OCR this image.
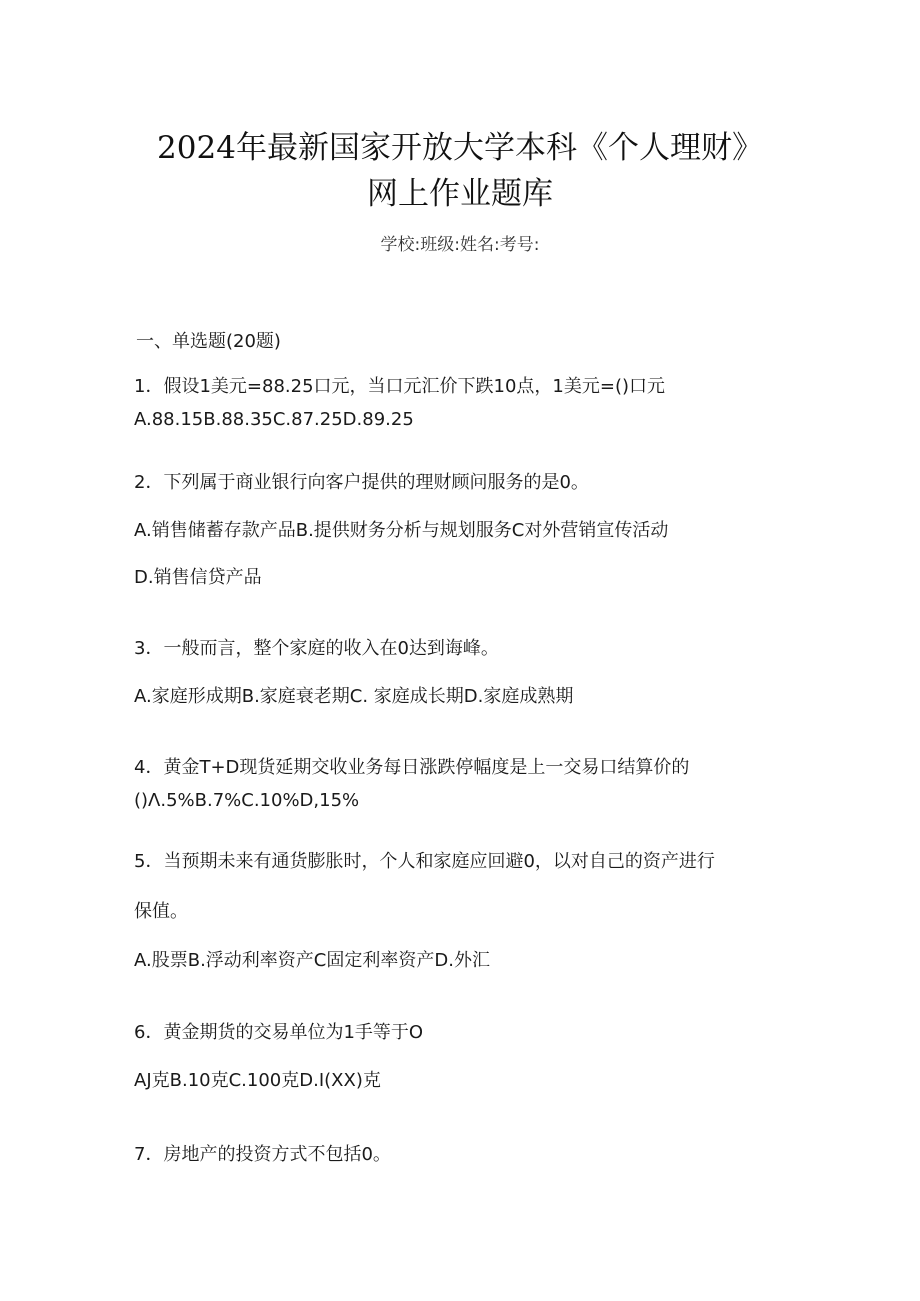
2024年最新国家开放大学本科《个人理财》
网上作业题库
学校:班级:姓名:考号:
一、单选题(20题)
1．假设1美元=88.25口元，当口元汇价下跌10点，1美元=()口元
A.88.15B.88.35C.87.25D.89.25
2．下列属于商业银行向客户提供的理财顾问服务的是0。
A.销售储蓄存款产品B.提供财务分析与规划服务C对外营销宣传活动
D.销售信贷产品
3．一般而言，整个家庭的收入在0达到诲峰。
A.家庭形成期B.家庭衰老期C. 家庭成长期D.家庭成熟期
4．黄金T+D现货延期交收业务每日涨跌停幅度是上一交易口结算价的
()Λ.5%B.7%C.10%D,15%
5．当预期未来有通货膨胀时，个人和家庭应回避0，以对自己的资产进行
保值。
A.股票B.浮动利率资产C固定利率资产D.外汇
6．黄金期货的交易单位为1手等于O
AJ克B.10克C.100克D.I(XX)克
7．房地产的投资方式不包括0。
